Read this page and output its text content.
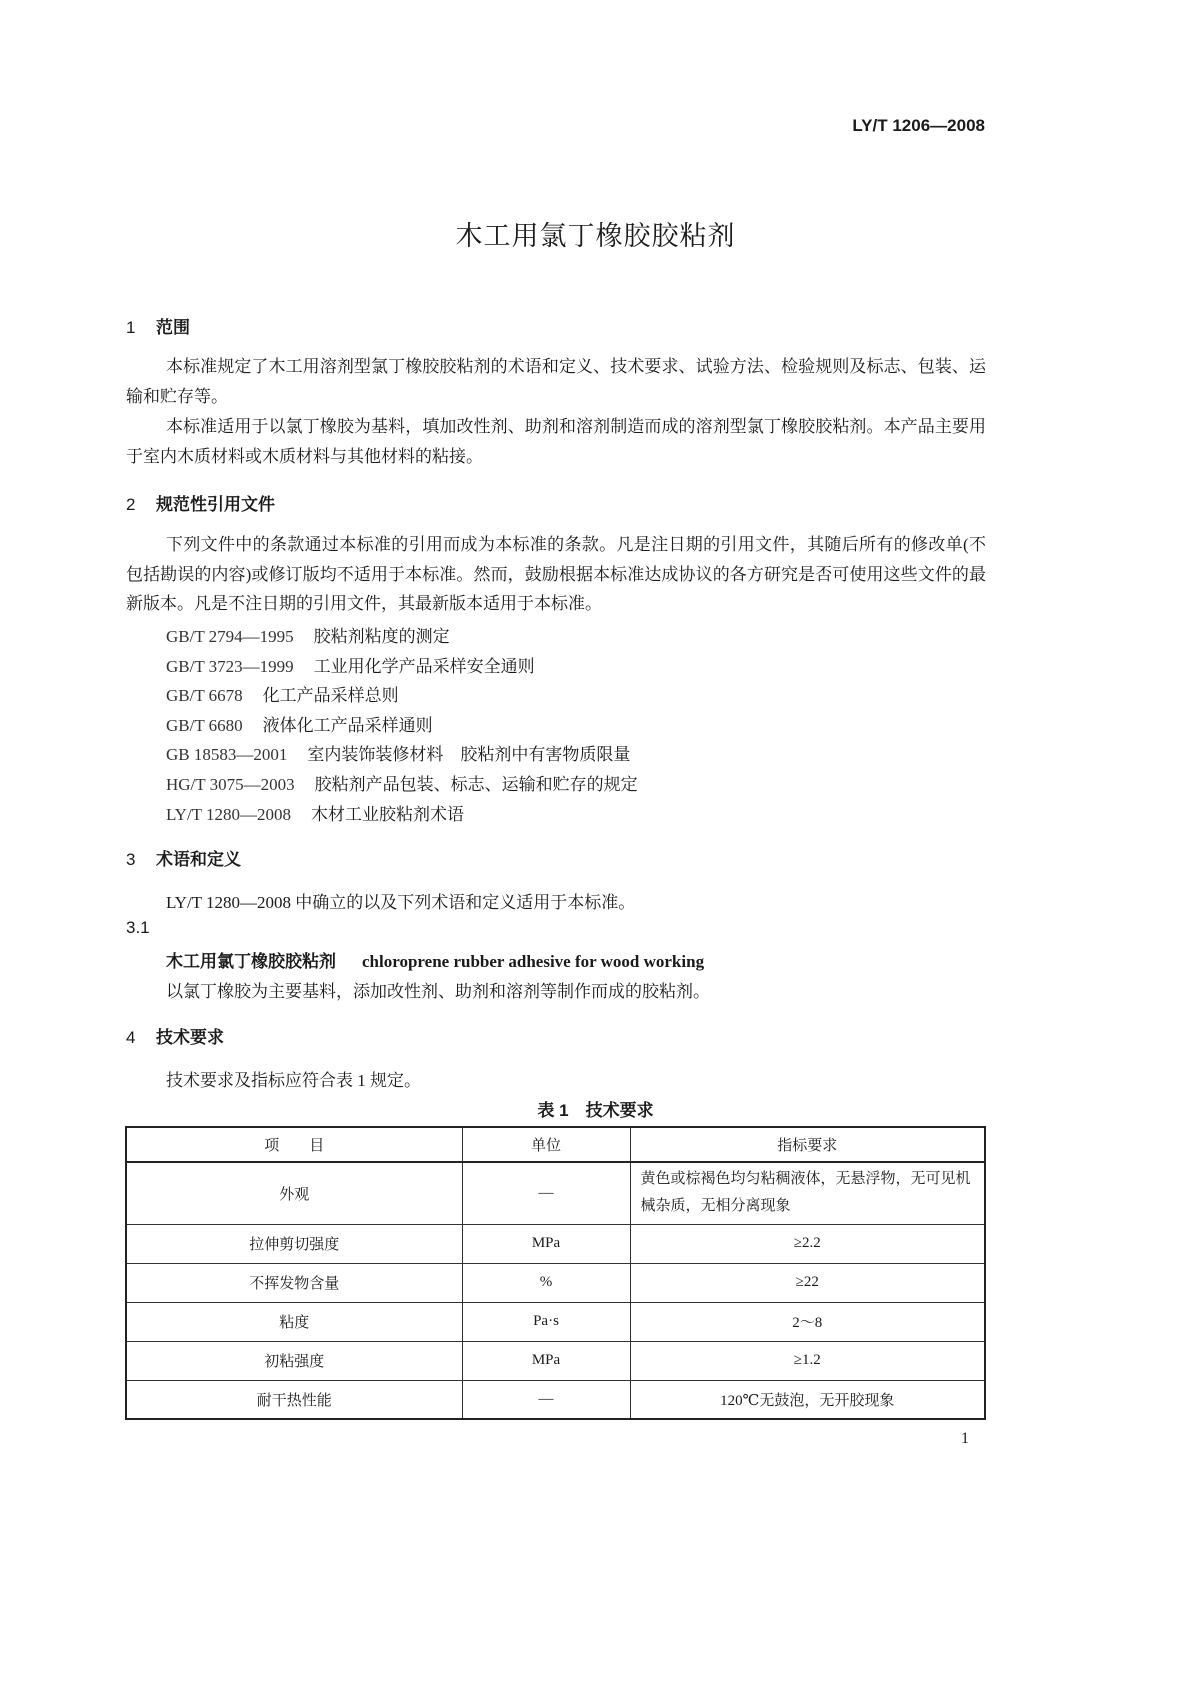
LY/T 1206—2008
木工用氯丁橡胶胶粘剂
1 范围

本标准规定了木工用溶剂型氯丁橡胶胶粘剂的术语和定义、技术要求、试验方法、检验规则及标志、包装、运输和贮存等。

本标准适用于以氯丁橡胶为基料，填加改性剂、助剂和溶剂制造而成的溶剂型氯丁橡胶胶粘剂。本产品主要用于室内木质材料或木质材料与其他材料的粘接。

2 规范性引用文件

下列文件中的条款通过本标准的引用而成为本标准的条款。凡是注日期的引用文件，其随后所有的修改单(不包括勘误的内容)或修订版均不适用于本标准。然而，鼓励根据本标准达成协议的各方研究是否可使用这些文件的最新版本。凡是不注日期的引用文件，其最新版本适用于本标准。

GB/T 2794—1995 胶粘剂粘度的测定
GB/T 3723—1999 工业用化学产品采样安全通则
GB/T 6678 化工产品采样总则
GB/T 6680 液体化工产品采样通则
GB 18583—2001 室内装饰装修材料　胶粘剂中有害物质限量
HG/T 3075—2003 胶粘剂产品包装、标志、运输和贮存的规定
LY/T 1280—2008 木材工业胶粘剂术语
3 术语和定义
LY/T 1280—2008 中确立的以及下列术语和定义适用于本标准。
3.1
木工用氯丁橡胶胶粘剂 chloroprene rubber adhesive for wood working
以氯丁橡胶为主要基料，添加改性剂、助剂和溶剂等制作而成的胶粘剂。
4 技术要求
技术要求及指标应符合表 1 规定。
表 1　技术要求
项　　目	单位	指标要求
外观	—	黄色或棕褐色均匀粘稠液体，无悬浮物，无可见机械杂质，无相分离现象
拉伸剪切强度	MPa	≥2.2
不挥发物含量	%	≥22
粘度	Pa·s	2～8
初粘强度	MPa	≥1.2
耐干热性能	—	120℃无鼓泡，无开胶现象
1
